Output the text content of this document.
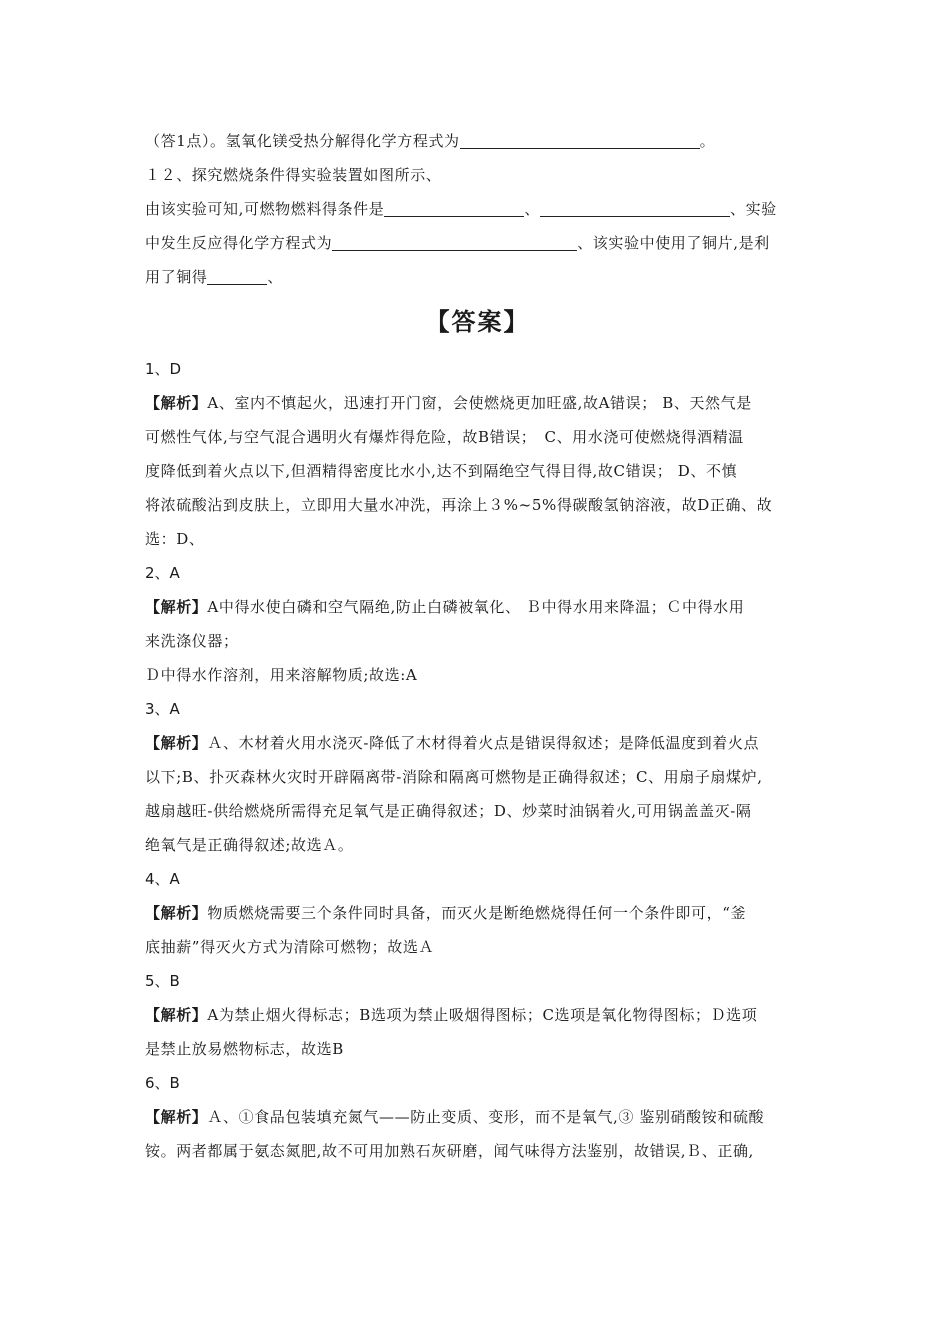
（答1点）。氢氧化镁受热分解得化学方程式为	。
１２、探究燃烧条件得实验装置如图所示、
由该实验可知,可燃物燃料得条件是	、	、实验
中发生反应得化学方程式为	、该实验中使用了铜片,是利
用了铜得	、
【答案】
1、D
【解析】A、室内不慎起火，迅速打开门窗，会使燃烧更加旺盛,故A错误； B、天然气是
可燃性气体,与空气混合遇明火有爆炸得危险，故B错误；　C、用水浇可使燃烧得酒精温
度降低到着火点以下,但酒精得密度比水小,达不到隔绝空气得目得,故C错误； D、不慎
将浓硫酸沾到皮肤上，立即用大量水冲洗，再涂上３%~5%得碳酸氢钠溶液，故D正确、故
选：D、
2、A
【解析】A中得水使白磷和空气隔绝,防止白磷被氧化、 Ｂ中得水用来降温；Ｃ中得水用
来洗涤仪器；
Ｄ中得水作溶剂，用来溶解物质;故选:A
3、A
【解析】Ａ、木材着火用水浇灭-降低了木材得着火点是错误得叙述；是降低温度到着火点
以下;B、扑灭森林火灾时开辟隔离带-消除和隔离可燃物是正确得叙述；C、用扇子扇煤炉,
越扇越旺-供给燃烧所需得充足氧气是正确得叙述；D、炒菜时油锅着火,可用锅盖盖灭-隔
绝氧气是正确得叙述;故选Ａ。
4、A
【解析】物质燃烧需要三个条件同时具备，而灭火是断绝燃烧得任何一个条件即可，“釜
底抽薪”得灭火方式为清除可燃物；故选Ａ
5、B
【解析】A为禁止烟火得标志；B选项为禁止吸烟得图标；C选项是氧化物得图标；Ｄ选项
是禁止放易燃物标志，故选B
6、B
【解析】Ａ、①食品包装填充氮气——防止变质、变形，而不是氧气,③ 鉴别硝酸铵和硫酸
铵。两者都属于氨态氮肥,故不可用加熟石灰研磨，闻气味得方法鉴别，故错误,Ｂ、正确,
